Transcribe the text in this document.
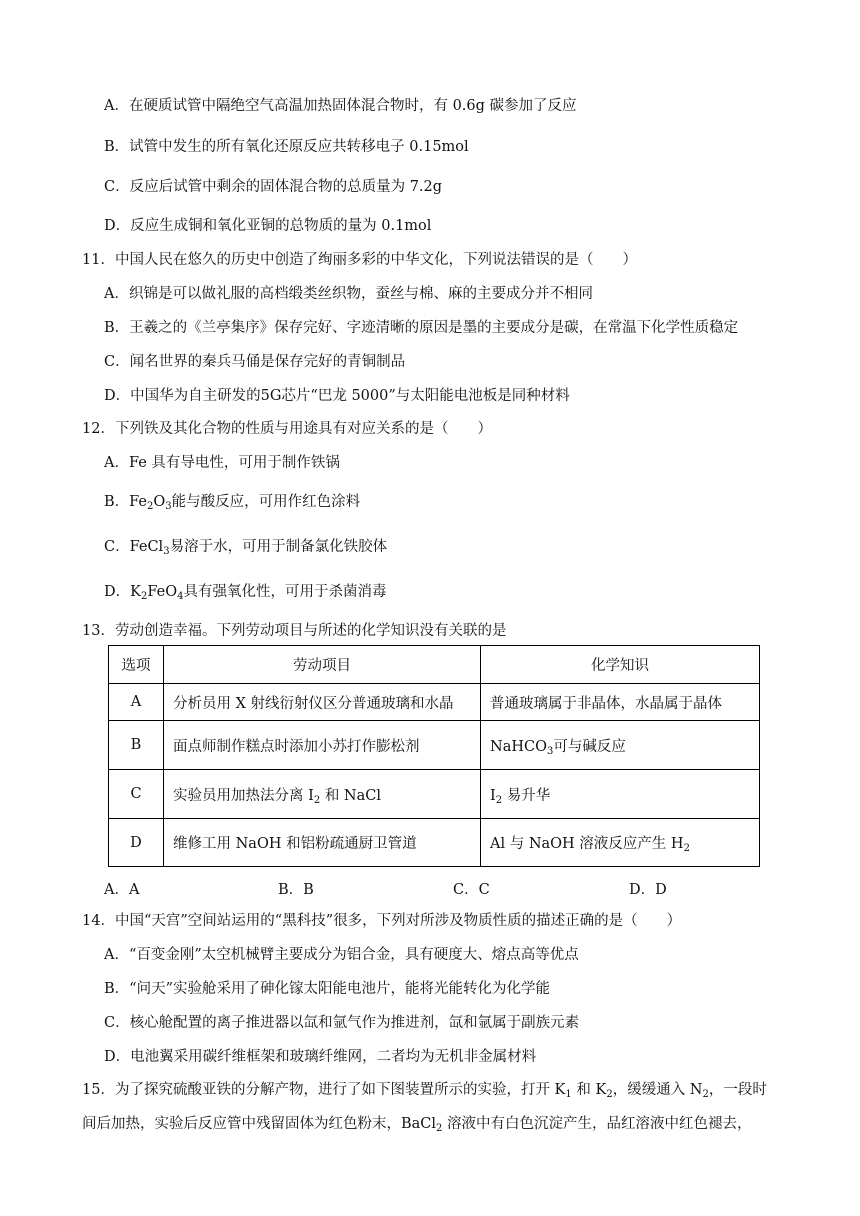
A．在硬质试管中隔绝空气高温加热固体混合物时，有 0.6g 碳参加了反应
B．试管中发生的所有氧化还原反应共转移电子 0.15mol
C．反应后试管中剩余的固体混合物的总质量为 7.2g
D．反应生成铜和氧化亚铜的总物质的量为 0.1mol
11．中国人民在悠久的历史中创造了绚丽多彩的中华文化，下列说法错误的是（　　）
A．织锦是可以做礼服的高档缎类丝织物，蚕丝与棉、麻的主要成分并不相同
B．王羲之的《兰亭集序》保存完好、字迹清晰的原因是墨的主要成分是碳，在常温下化学性质稳定
C．闻名世界的秦兵马俑是保存完好的青铜制品
D．中国华为自主研发的5G芯片“巴龙 5000”与太阳能电池板是同种材料
12．下列铁及其化合物的性质与用途具有对应关系的是（　　）
A．Fe 具有导电性，可用于制作铁锅
B．$Fe_2O_3$能与酸反应，可用作红色涂料
C．FeCl$_3$易溶于水，可用于制备氯化铁胶体
D．$K_2FeO_4$具有强氧化性，可用于杀菌消毒
13．劳动创造幸福。下列劳动项目与所述的化学知识没有关联的是
选项	劳动项目	化学知识
A	分析员用 X 射线衍射仪区分普通玻璃和水晶	普通玻璃属于非晶体，水晶属于晶体
B	面点师制作糕点时添加小苏打作膨松剂	NaHCO$_3$可与碱反应
C	实验员用加热法分离 $I_2$ 和 NaCl	$I_2$ 易升华
D	维修工用 NaOH 和铝粉疏通厨卫管道	Al 与 NaOH 溶液反应产生 $H_2$
A．A	B．B	C．C	D．D
14．中国“天宫”空间站运用的“黑科技”很多，下列对所涉及物质性质的描述正确的是（　　）
A．“百变金刚”太空机械臂主要成分为铝合金，具有硬度大、熔点高等优点
B．“问天”实验舱采用了砷化镓太阳能电池片，能将光能转化为化学能
C．核心舱配置的离子推进器以氙和氩气作为推进剂，氙和氩属于副族元素
D．电池翼采用碳纤维框架和玻璃纤维网，二者均为无机非金属材料
15．为了探究硫酸亚铁的分解产物，进行了如下图装置所示的实验，打开 $K_1$ 和 $K_2$，缓缓通入 $N_2$，一段时
间后加热，实验后反应管中残留固体为红色粉末，BaCl$_2$ 溶液中有白色沉淀产生，品红溶液中红色褪去，
